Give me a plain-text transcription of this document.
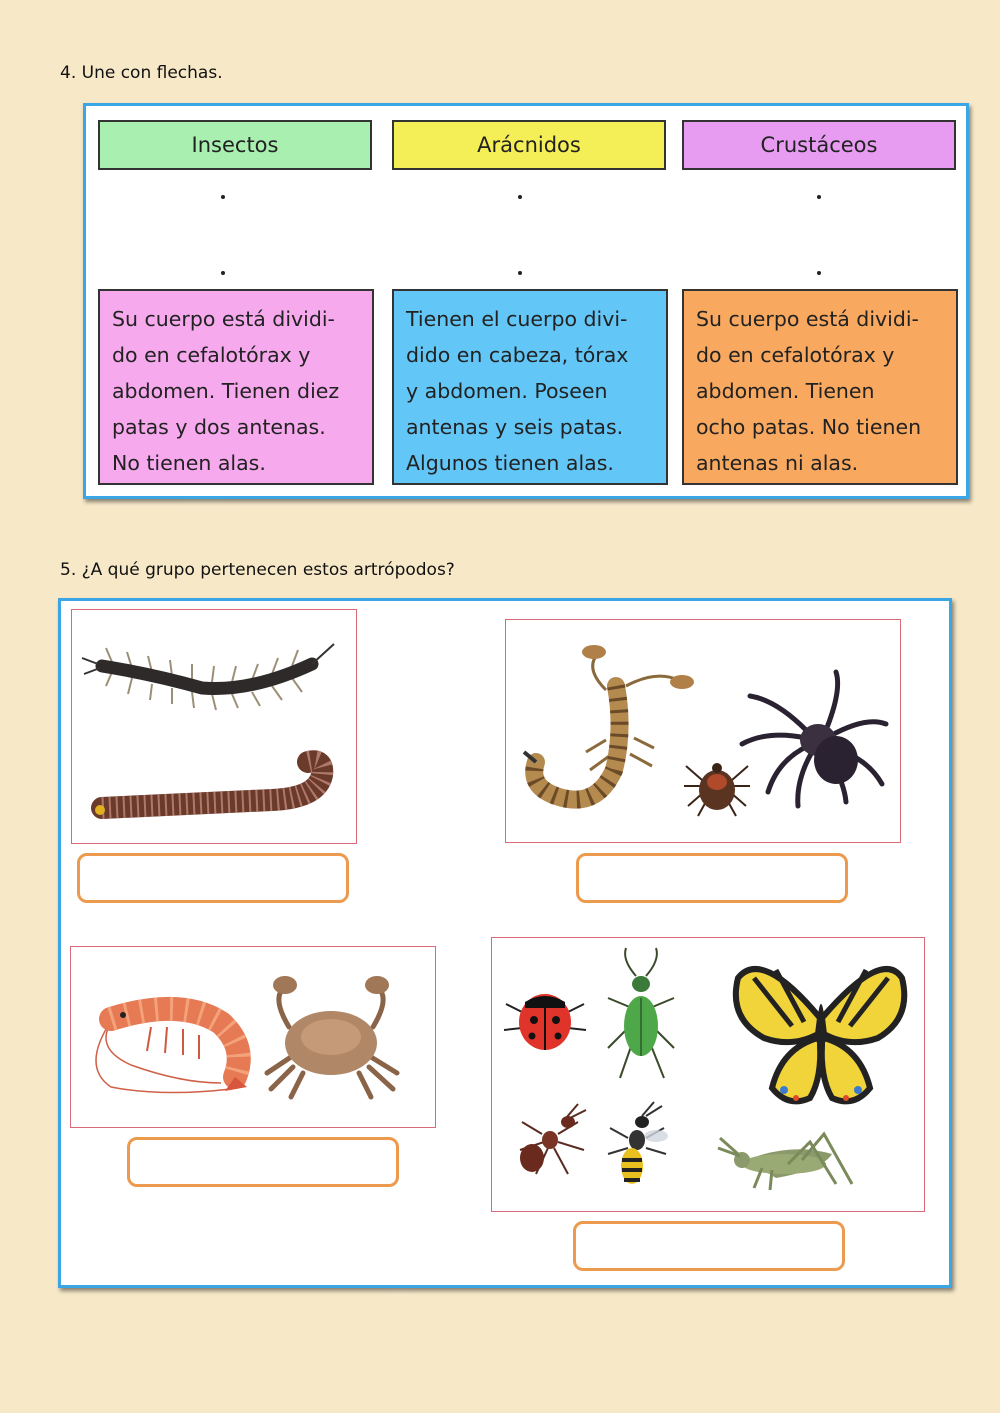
4. Une con flechas.
Insectos	Arácnidos	Crustáceos
Su cuerpo está dividi-
do en cefalotórax y
abdomen. Tienen diez
patas y dos antenas.
No tienen alas.
Tienen el cuerpo divi-
dido en cabeza, tórax
y abdomen. Poseen
antenas y seis patas.
Algunos tienen alas.
Su cuerpo está dividi-
do en cefalotórax y
abdomen. Tienen
ocho patas. No tienen
antenas ni alas.
5. ¿A qué grupo pertenecen estos artrópodos?
